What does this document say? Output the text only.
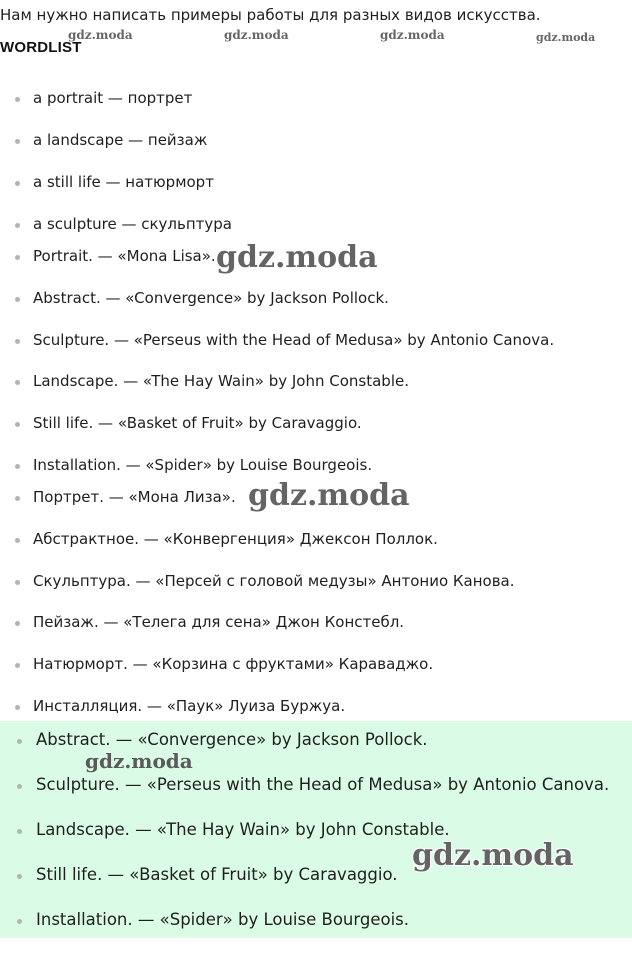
Нам нужно написать примеры работы для разных видов искусства.
WORDLIST
a portrait — портрет
a landscape — пейзаж
a still life — натюрморт
a sculpture — скульптура
Portrait. — «Mona Lisa».
Abstract. — «Convergence» by Jackson Pollock.
Sculpture. — «Perseus with the Head of Medusa» by Antonio Canova.
Landscape. — «The Hay Wain» by John Constable.
Still life. — «Basket of Fruit» by Caravaggio.
Installation. — «Spider» by Louise Bourgeois.
Портрет. — «Мона Лиза».
Абстрактное. — «Конвергенция» Джексон Поллок.
Скульптура. — «Персей с головой медузы» Антонио Канова.
Пейзаж. — «Телега для сена» Джон Констебл.
Натюрморт. — «Корзина с фруктами» Караваджо.
Инсталляция. — «Паук» Луиза Буржуа.
Abstract. — «Convergence» by Jackson Pollock.
Sculpture. — «Perseus with the Head of Medusa» by Antonio Canova.
Landscape. — «The Hay Wain» by John Constable.
Still life. — «Basket of Fruit» by Caravaggio.
Installation. — «Spider» by Louise Bourgeois.
gdz.moda	gdz.moda	gdz.moda	gdz.moda
gdz.moda
gdz.moda
gdz.moda
gdz.moda
